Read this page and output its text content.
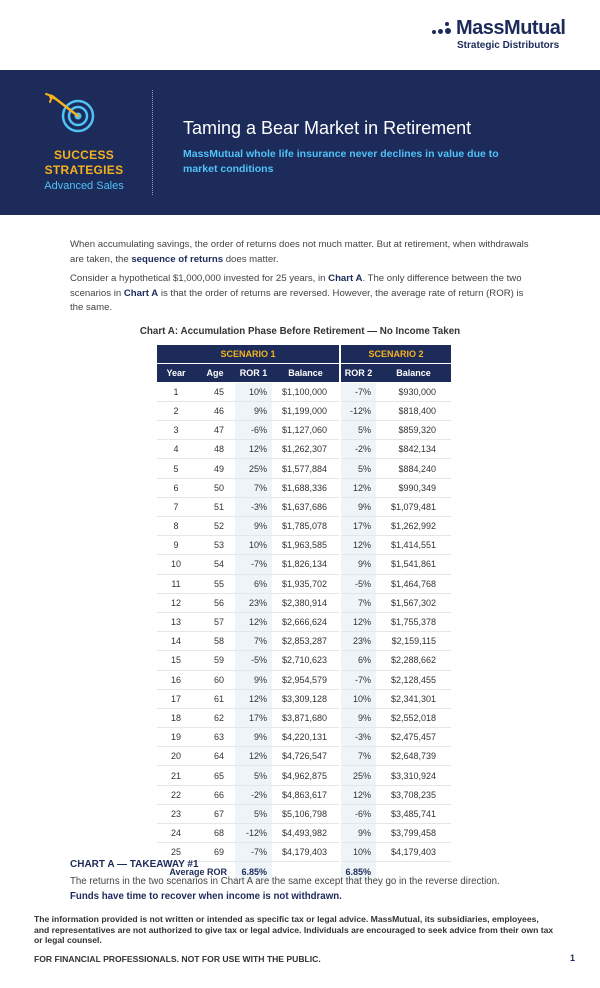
MassMutual
Strategic Distributors
SUCCESS
STRATEGIES
Advanced Sales
Taming a Bear Market in Retirement
MassMutual whole life insurance never declines in value due to market conditions

When accumulating savings, the order of returns does not much matter. But at retirement, when withdrawals are taken, the sequence of returns does matter.

Consider a hypothetical $1,000,000 invested for 25 years, in Chart A. The only difference between the two scenarios in Chart A is that the order of returns are reversed. However, the average rate of return (ROR) is the same.

Chart A: Accumulation Phase Before Retirement — No Income Taken
SCENARIO 1				SCENARIO 2	
Year	Age	ROR 1	Balance	ROR 2	Balance
1	45	10%	$1,100,000	-7%	$930,000
2	46	9%	$1,199,000	-12%	$818,400
3	47	-6%	$1,127,060	5%	$859,320
4	48	12%	$1,262,307	-2%	$842,134
5	49	25%	$1,577,884	5%	$884,240
6	50	7%	$1,688,336	12%	$990,349
7	51	-3%	$1,637,686	9%	$1,079,481
8	52	9%	$1,785,078	17%	$1,262,992
9	53	10%	$1,963,585	12%	$1,414,551
10	54	-7%	$1,826,134	9%	$1,541,861
11	55	6%	$1,935,702	-5%	$1,464,768
12	56	23%	$2,380,914	7%	$1,567,302
13	57	12%	$2,666,624	12%	$1,755,378
14	58	7%	$2,853,287	23%	$2,159,115
15	59	-5%	$2,710,623	6%	$2,288,662
16	60	9%	$2,954,579	-7%	$2,128,455
17	61	12%	$3,309,128	10%	$2,341,301
18	62	17%	$3,871,680	9%	$2,552,018
19	63	9%	$4,220,131	-3%	$2,475,457
20	64	12%	$4,726,547	7%	$2,648,739
21	65	5%	$4,962,875	25%	$3,310,924
22	66	-2%	$4,863,617	12%	$3,708,235
23	67	5%	$5,106,798	-6%	$3,485,741
24	68	-12%	$4,493,982	9%	$3,799,458
25	69	-7%	$4,179,403	10%	$4,179,403
Average ROR		6.85%		6.85%	
CHART A — TAKEAWAY #1
The returns in the two scenarios in Chart A are the same except that they go in the reverse direction.
Funds have time to recover when income is not withdrawn.
The information provided is not written or intended as specific tax or legal advice. MassMutual, its subsidiaries, employees, and representatives are not authorized to give tax or legal advice. Individuals are encouraged to seek advice from their own tax or legal counsel.
FOR FINANCIAL PROFESSIONALS. NOT FOR USE WITH THE PUBLIC.	1
